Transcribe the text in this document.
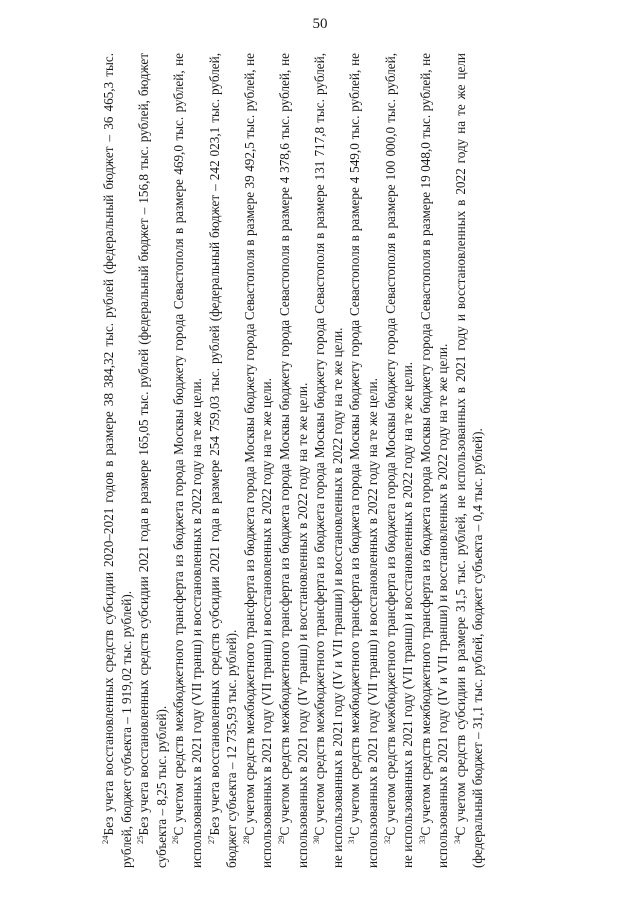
50

$^{24}$Без учета восстановленных средств субсидии 2020–2021 годов в размере 38 384,32 тыс. рублей (федеральный бюджет – 36 465,3 тыс. рублей, бюджет субъекта – 1 919,02 тыс. рублей). $^{25}$Без учета восстановленных средств субсидии 2021 года в размере 165,05 тыс. рублей (федеральный бюджет – 156,8 тыс. рублей, бюджет субъекта – 8,25 тыс. рублей). $^{26}$С учетом средств межбюджетного трансферта из бюджета города Москвы бюджету города Севастополя в размере 469,0 тыс. рублей, не использованных в 2021 году (VII транш) и восстановленных в 2022 году на те же цели. $^{27}$Без учета восстановленных средств субсидии 2021 года в размере 254 759,03 тыс. рублей (федеральный бюджет – 242 023,1 тыс. рублей, бюджет субъекта – 12 735,93 тыс. рублей). $^{28}$С учетом средств межбюджетного трансферта из бюджета города Москвы бюджету города Севастополя в размере 39 492,5 тыс. рублей, не использованных в 2021 году (VII транш) и восстановленных в 2022 году на те же цели. $^{29}$С учетом средств межбюджетного трансферта из бюджета города Москвы бюджету города Севастополя в размере 4 378,6 тыс. рублей, не использованных в 2021 году (IV транш) и восстановленных в 2022 году на те же цели. $^{30}$С учетом средств межбюджетного трансферта из бюджета города Москвы бюджету города Севастополя в размере 131 717,8 тыс. рублей, не использованных в 2021 году (IV и VII транши) и восстановленных в 2022 году на те же цели. $^{31}$С учетом средств межбюджетного трансферта из бюджета города Москвы бюджету города Севастополя в размере 4 549,0 тыс. рублей, не использованных в 2021 году (VII транш) и восстановленных в 2022 году на те же цели. $^{32}$С учетом средств межбюджетного трансферта из бюджета города Москвы бюджету города Севастополя в размере 100 000,0 тыс. рублей, не использованных в 2021 году (VII транш) и восстановленных в 2022 году на те же цели. $^{33}$С учетом средств межбюджетного трансферта из бюджета города Москвы бюджету города Севастополя в размере 19 048,0 тыс. рублей, не использованных в 2021 году (IV и VII транши) и восстановленных в 2022 году на те же цели. $^{34}$С учетом средств субсидии в размере 31,5 тыс. рублей, не использованных в 2021 году и восстановленных в 2022 году на те же цели (федеральный бюджет – 31,1 тыс. рублей, бюджет субъекта – 0,4 тыс. рублей).
